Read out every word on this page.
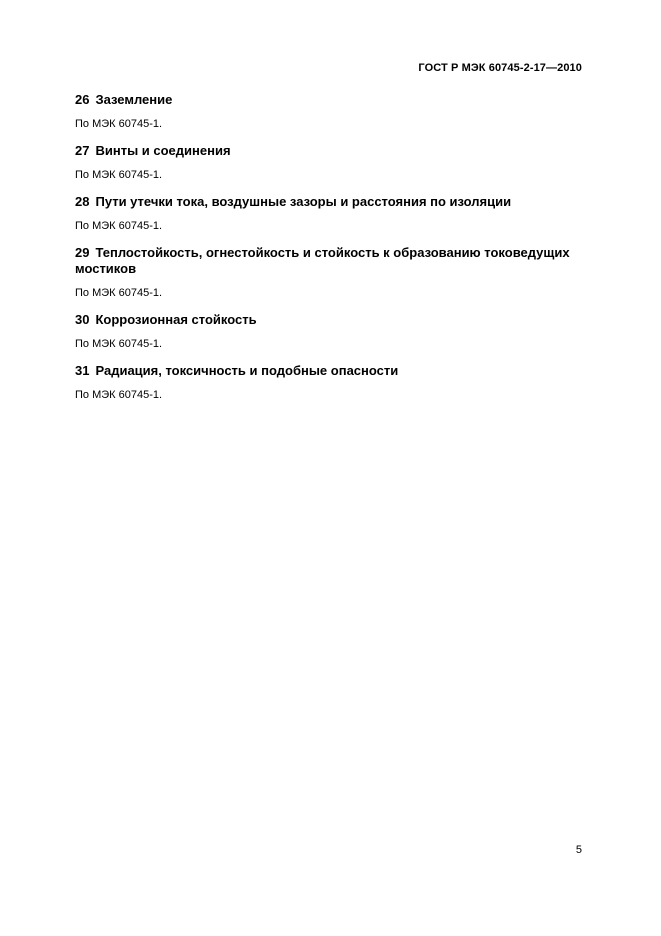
ГОСТ Р МЭК 60745-2-17—2010
26 Заземление

По МЭК 60745-1.

27 Винты и соединения

По МЭК 60745-1.

28 Пути утечки тока, воздушные зазоры и расстояния по изоляции

По МЭК 60745-1.

29 Теплостойкость, огнестойкость и стойкость к образованию токоведущих мостиков

По МЭК 60745-1.

30 Коррозионная стойкость

По МЭК 60745-1.

31 Радиация, токсичность и подобные опасности

По МЭК 60745-1.

5
